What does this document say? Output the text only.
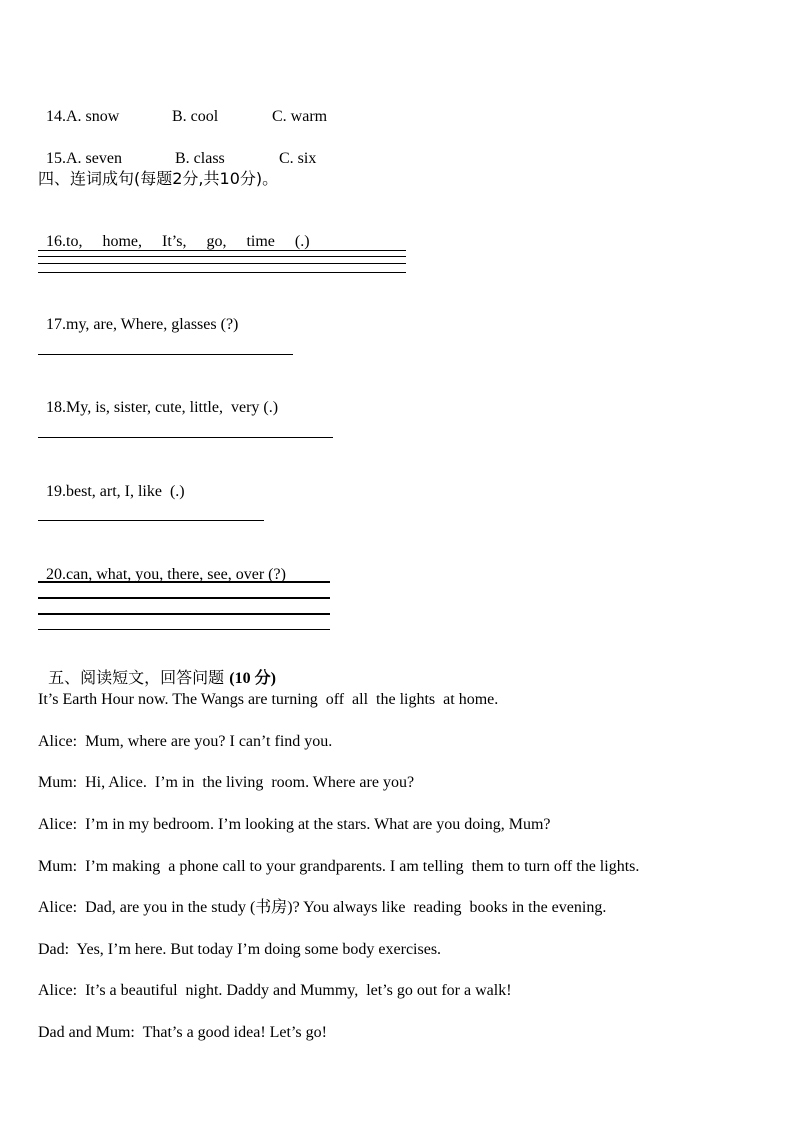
14.A. snow	B. cool	C. warm

15.A. seven	B. class	C. six

四、连词成句(每题2分,共10分)。

16.to,     home,     It’s,     go,     time     (.)

17.my, are, Where, glasses (?)

18.My, is, sister, cute, little,  very (.)

19.best, art, I, like  (.)

20.can, what, you, there, see, over (?)

五、阅读短文，回答问题 (10 分)

It’s Earth Hour now. The Wangs are turning  off  all  the lights  at home.
Alice:  Mum, where are you? I can’t find you.
Mum:  Hi, Alice.  I’m in  the living  room. Where are you?
Alice:  I’m in my bedroom. I’m looking at the stars. What are you doing, Mum?
Mum:  I’m making  a phone call to your grandparents. I am telling  them to turn off the lights.
Alice:  Dad, are you in the study (书房)? You always like  reading  books in the evening.
Dad:  Yes, I’m here. But today I’m doing some body exercises.
Alice:  It’s a beautiful  night. Daddy and Mummy,  let’s go out for a walk!
Dad and Mum:  That’s a good idea! Let’s go!
